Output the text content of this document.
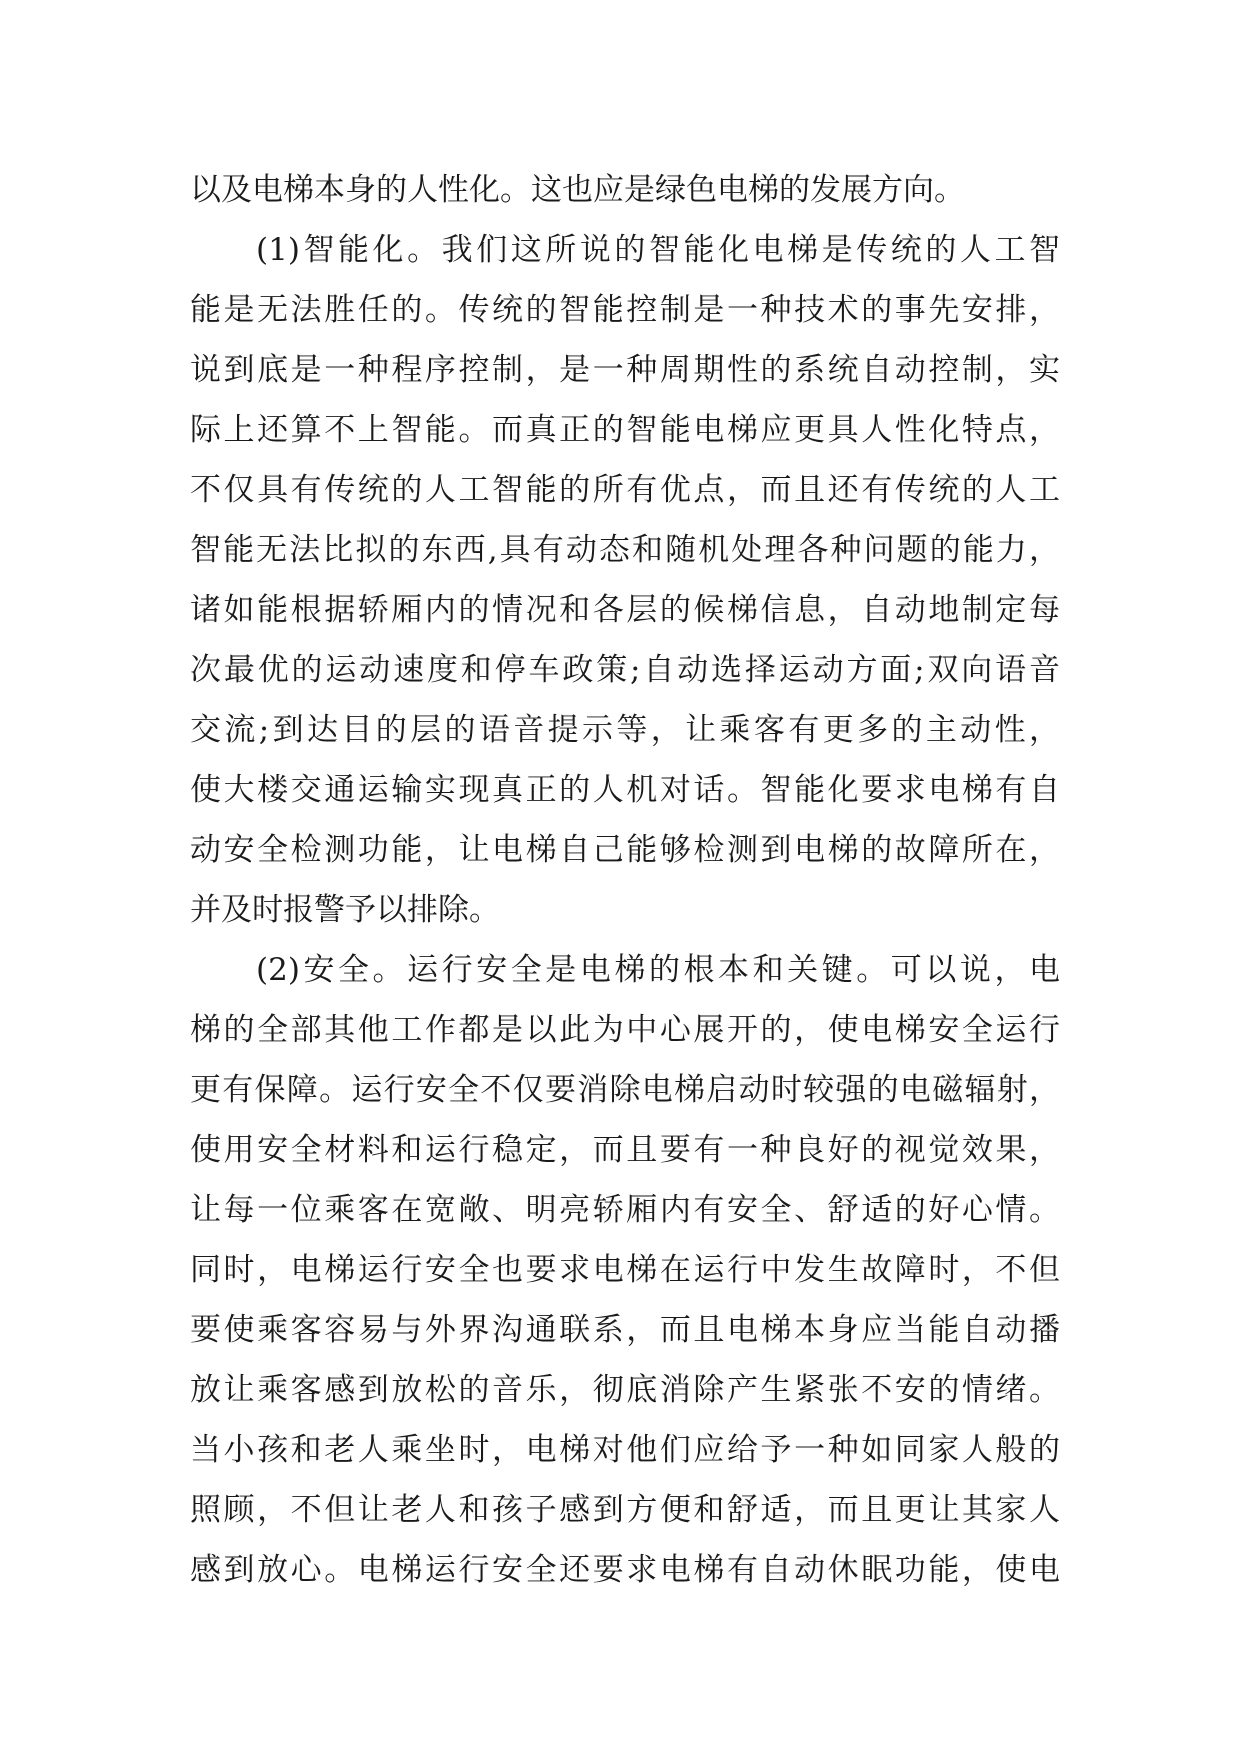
以及电梯本身的人性化。这也应是绿色电梯的发展方向。
(1)智能化。我们这所说的智能化电梯是传统的人工智
能是无法胜任的。传统的智能控制是一种技术的事先安排，
说到底是一种程序控制，是一种周期性的系统自动控制，实
际上还算不上智能。而真正的智能电梯应更具人性化特点，
不仅具有传统的人工智能的所有优点，而且还有传统的人工
智能无法比拟的东西,具有动态和随机处理各种问题的能力，
诸如能根据轿厢内的情况和各层的候梯信息，自动地制定每
次最优的运动速度和停车政策;自动选择运动方面;双向语音
交流;到达目的层的语音提示等，让乘客有更多的主动性，
使大楼交通运输实现真正的人机对话。智能化要求电梯有自
动安全检测功能，让电梯自己能够检测到电梯的故障所在，
并及时报警予以排除。
(2)安全。运行安全是电梯的根本和关键。可以说，电
梯的全部其他工作都是以此为中心展开的，使电梯安全运行
更有保障。运行安全不仅要消除电梯启动时较强的电磁辐射，
使用安全材料和运行稳定，而且要有一种良好的视觉效果，
让每一位乘客在宽敞、明亮轿厢内有安全、舒适的好心情。
同时，电梯运行安全也要求电梯在运行中发生故障时，不但
要使乘客容易与外界沟通联系，而且电梯本身应当能自动播
放让乘客感到放松的音乐，彻底消除产生紧张不安的情绪。
当小孩和老人乘坐时，电梯对他们应给予一种如同家人般的
照顾，不但让老人和孩子感到方便和舒适，而且更让其家人
感到放心。电梯运行安全还要求电梯有自动休眠功能，使电
